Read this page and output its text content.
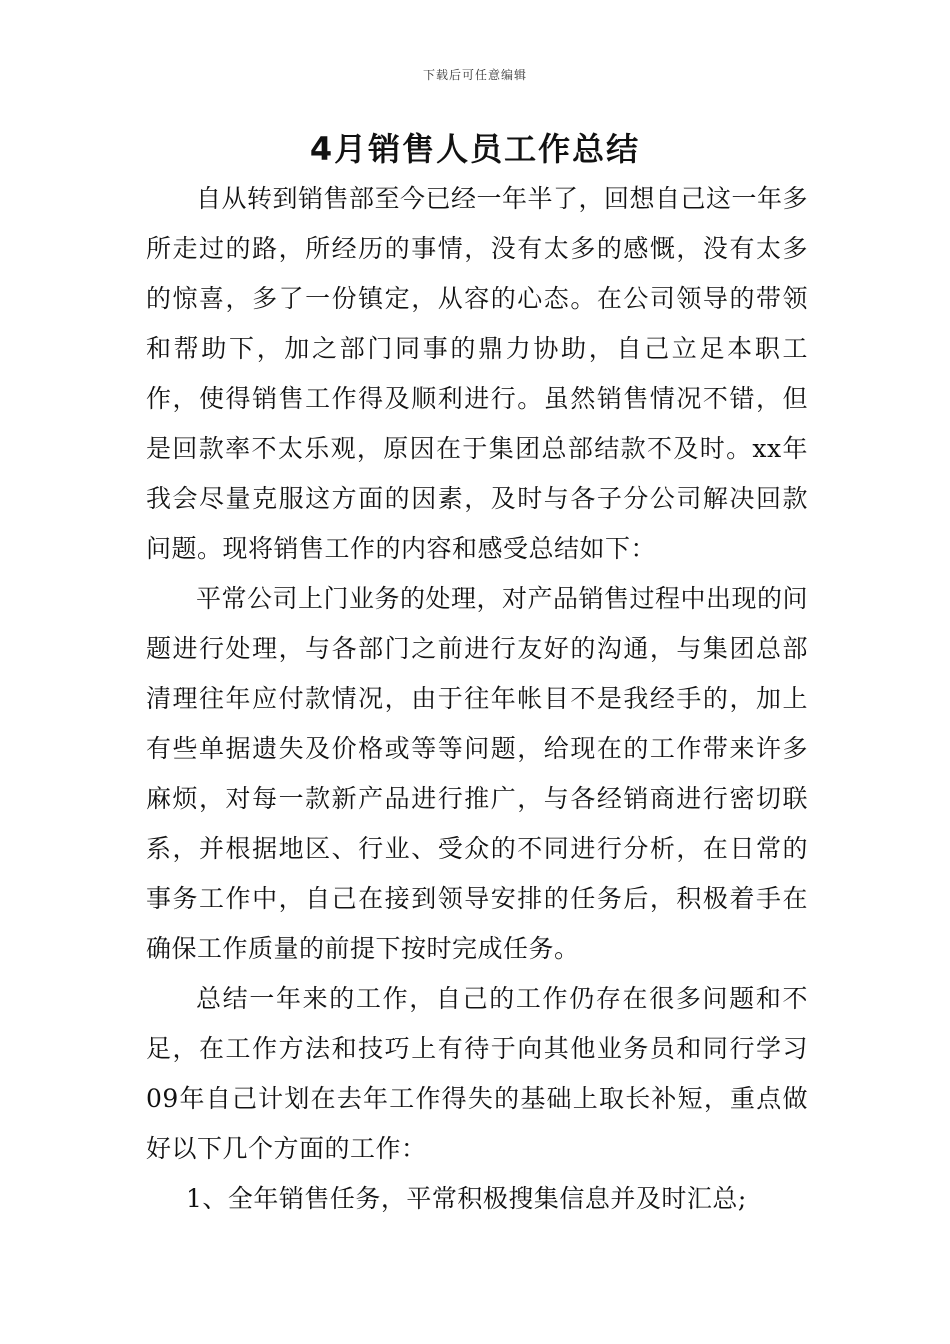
下载后可任意编辑
4月销售人员工作总结

自从转到销售部至今已经一年半了，回想自己这一年多所走过的路，所经历的事情，没有太多的感慨，没有太多的惊喜，多了一份镇定，从容的心态。在公司领导的带领和帮助下，加之部门同事的鼎力协助，自己立足本职工作，使得销售工作得及顺利进行。虽然销售情况不错，但是回款率不太乐观，原因在于集团总部结款不及时。xx年我会尽量克服这方面的因素，及时与各子分公司解决回款问题。现将销售工作的内容和感受总结如下：

平常公司上门业务的处理，对产品销售过程中出现的问题进行处理，与各部门之前进行友好的沟通，与集团总部清理往年应付款情况，由于往年帐目不是我经手的，加上有些单据遗失及价格或等等问题，给现在的工作带来许多麻烦，对每一款新产品进行推广，与各经销商进行密切联系，并根据地区、行业、受众的不同进行分析，在日常的事务工作中，自己在接到领导安排的任务后，积极着手在确保工作质量的前提下按时完成任务。

总结一年来的工作，自己的工作仍存在很多问题和不足，在工作方法和技巧上有待于向其他业务员和同行学习09年自己计划在去年工作得失的基础上取长补短，重点做好以下几个方面的工作：

1、全年销售任务，平常积极搜集信息并及时汇总;
